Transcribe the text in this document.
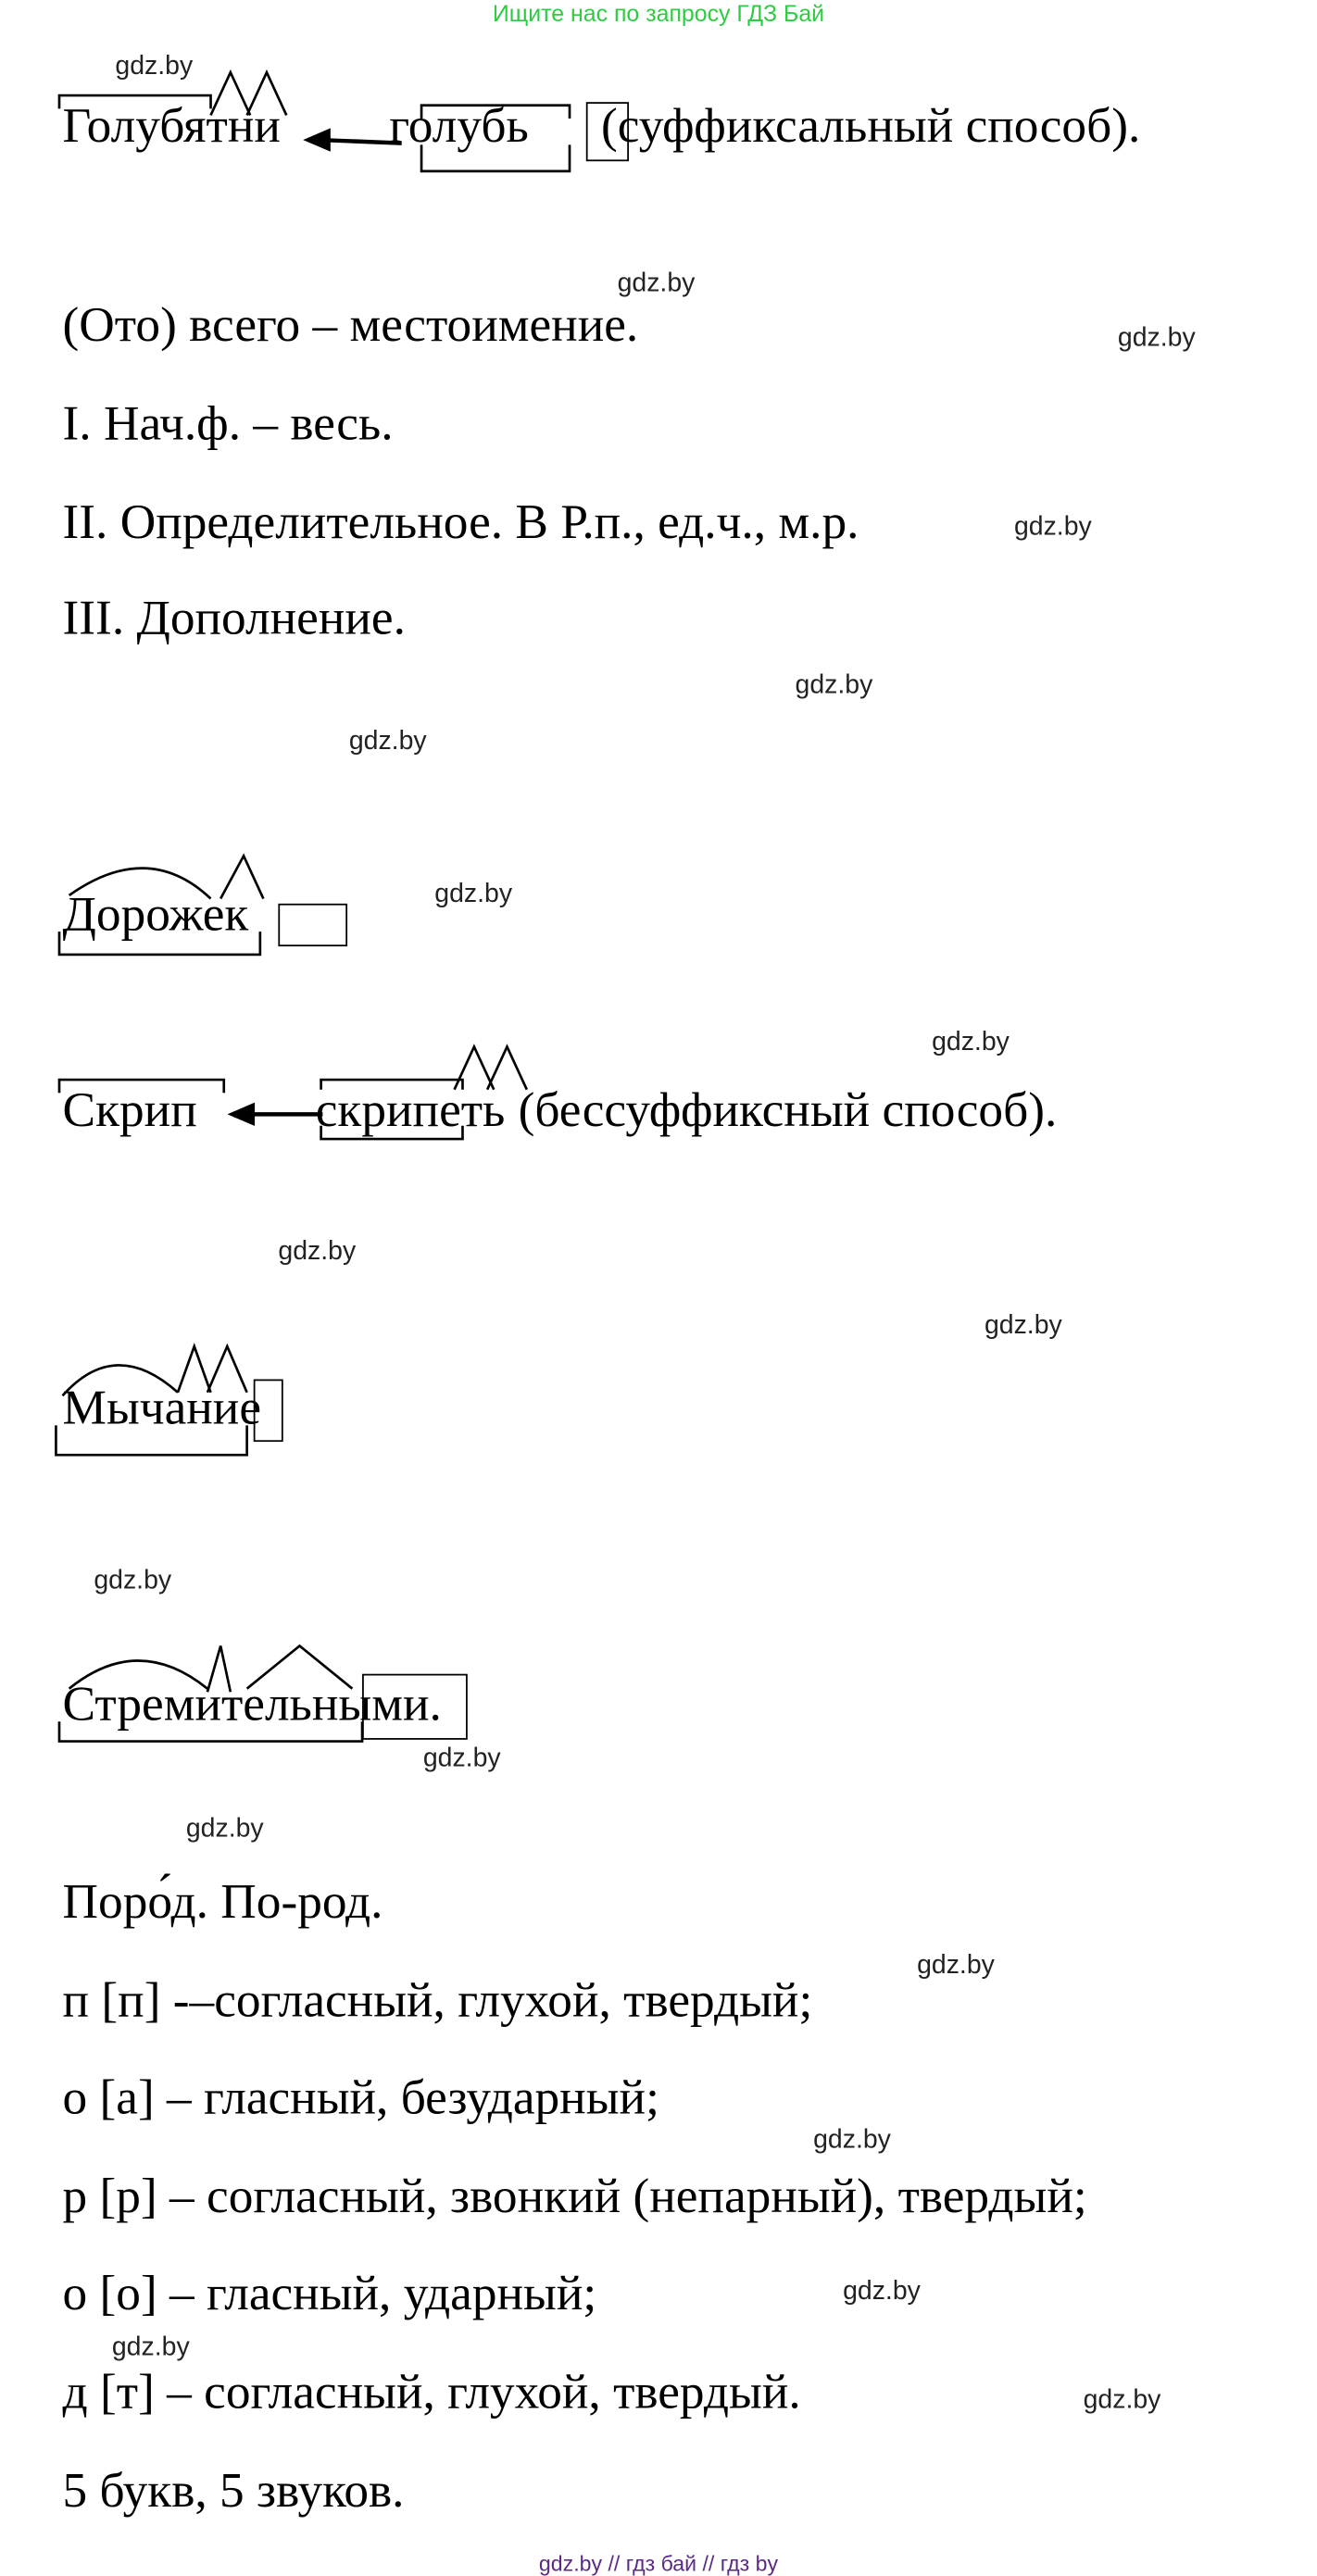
Ищите нас по запросу ГДЗ Бай
Голубятни	голубь	(суффиксальный способ).
(Ото) всего – местоимение.
I. Нач.ф. – весь.
II. Определительное. В Р.п., ед.ч., м.р.
III. Дополнение.
Дорожек
Скрип	скрипеть (бессуффиксный способ).
Мычание
Стремительными.
Поро́д. По-род.
п [п] -–согласный, глухой, твердый;
о [а] – гласный, безударный;
р [р] – согласный, звонкий (непарный), твердый;
о [о] – гласный, ударный;
д [т] – согласный, глухой, твердый.
5 букв, 5 звуков.
gdz.by
gdz.by
gdz.by
gdz.by
gdz.by
gdz.by
gdz.by
gdz.by
gdz.by
gdz.by
gdz.by
gdz.by
gdz.by
gdz.by
gdz.by
gdz.by
gdz.by
gdz.by
gdz.by // гдз бай // гдз by
